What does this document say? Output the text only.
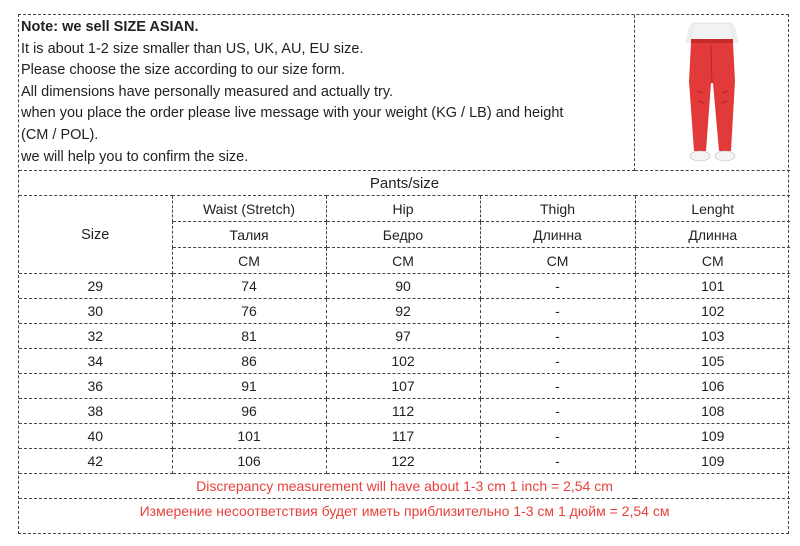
Note: we sell SIZE ASIAN.
It is about 1-2 size smaller than US, UK, AU, EU size.
Please choose the size according to our size form.
All dimensions have personally measured and actually try.
when you place the order please live message with your weight (KG / LB) and height
(CM / POL).
we will help you to confirm the size.
Pants/size				
Size	Waist (Stretch)	Hip	Thigh	Lenght
	Талия	Бедро	Длинна	Длинна
	CM	CM	CM	CM
29	74	90	-	101
30	76	92	-	102
32	81	97	-	103
34	86	102	-	105
36	91	107	-	106
38	96	112	-	108
40	101	117	-	109
42	106	122	-	109
Discrepancy measurement will have about 1-3 cm 1 inch = 2,54 cm				
Измерение несоответствия будет иметь приблизительно 1-3 см 1 дюйм = 2,54 см				
